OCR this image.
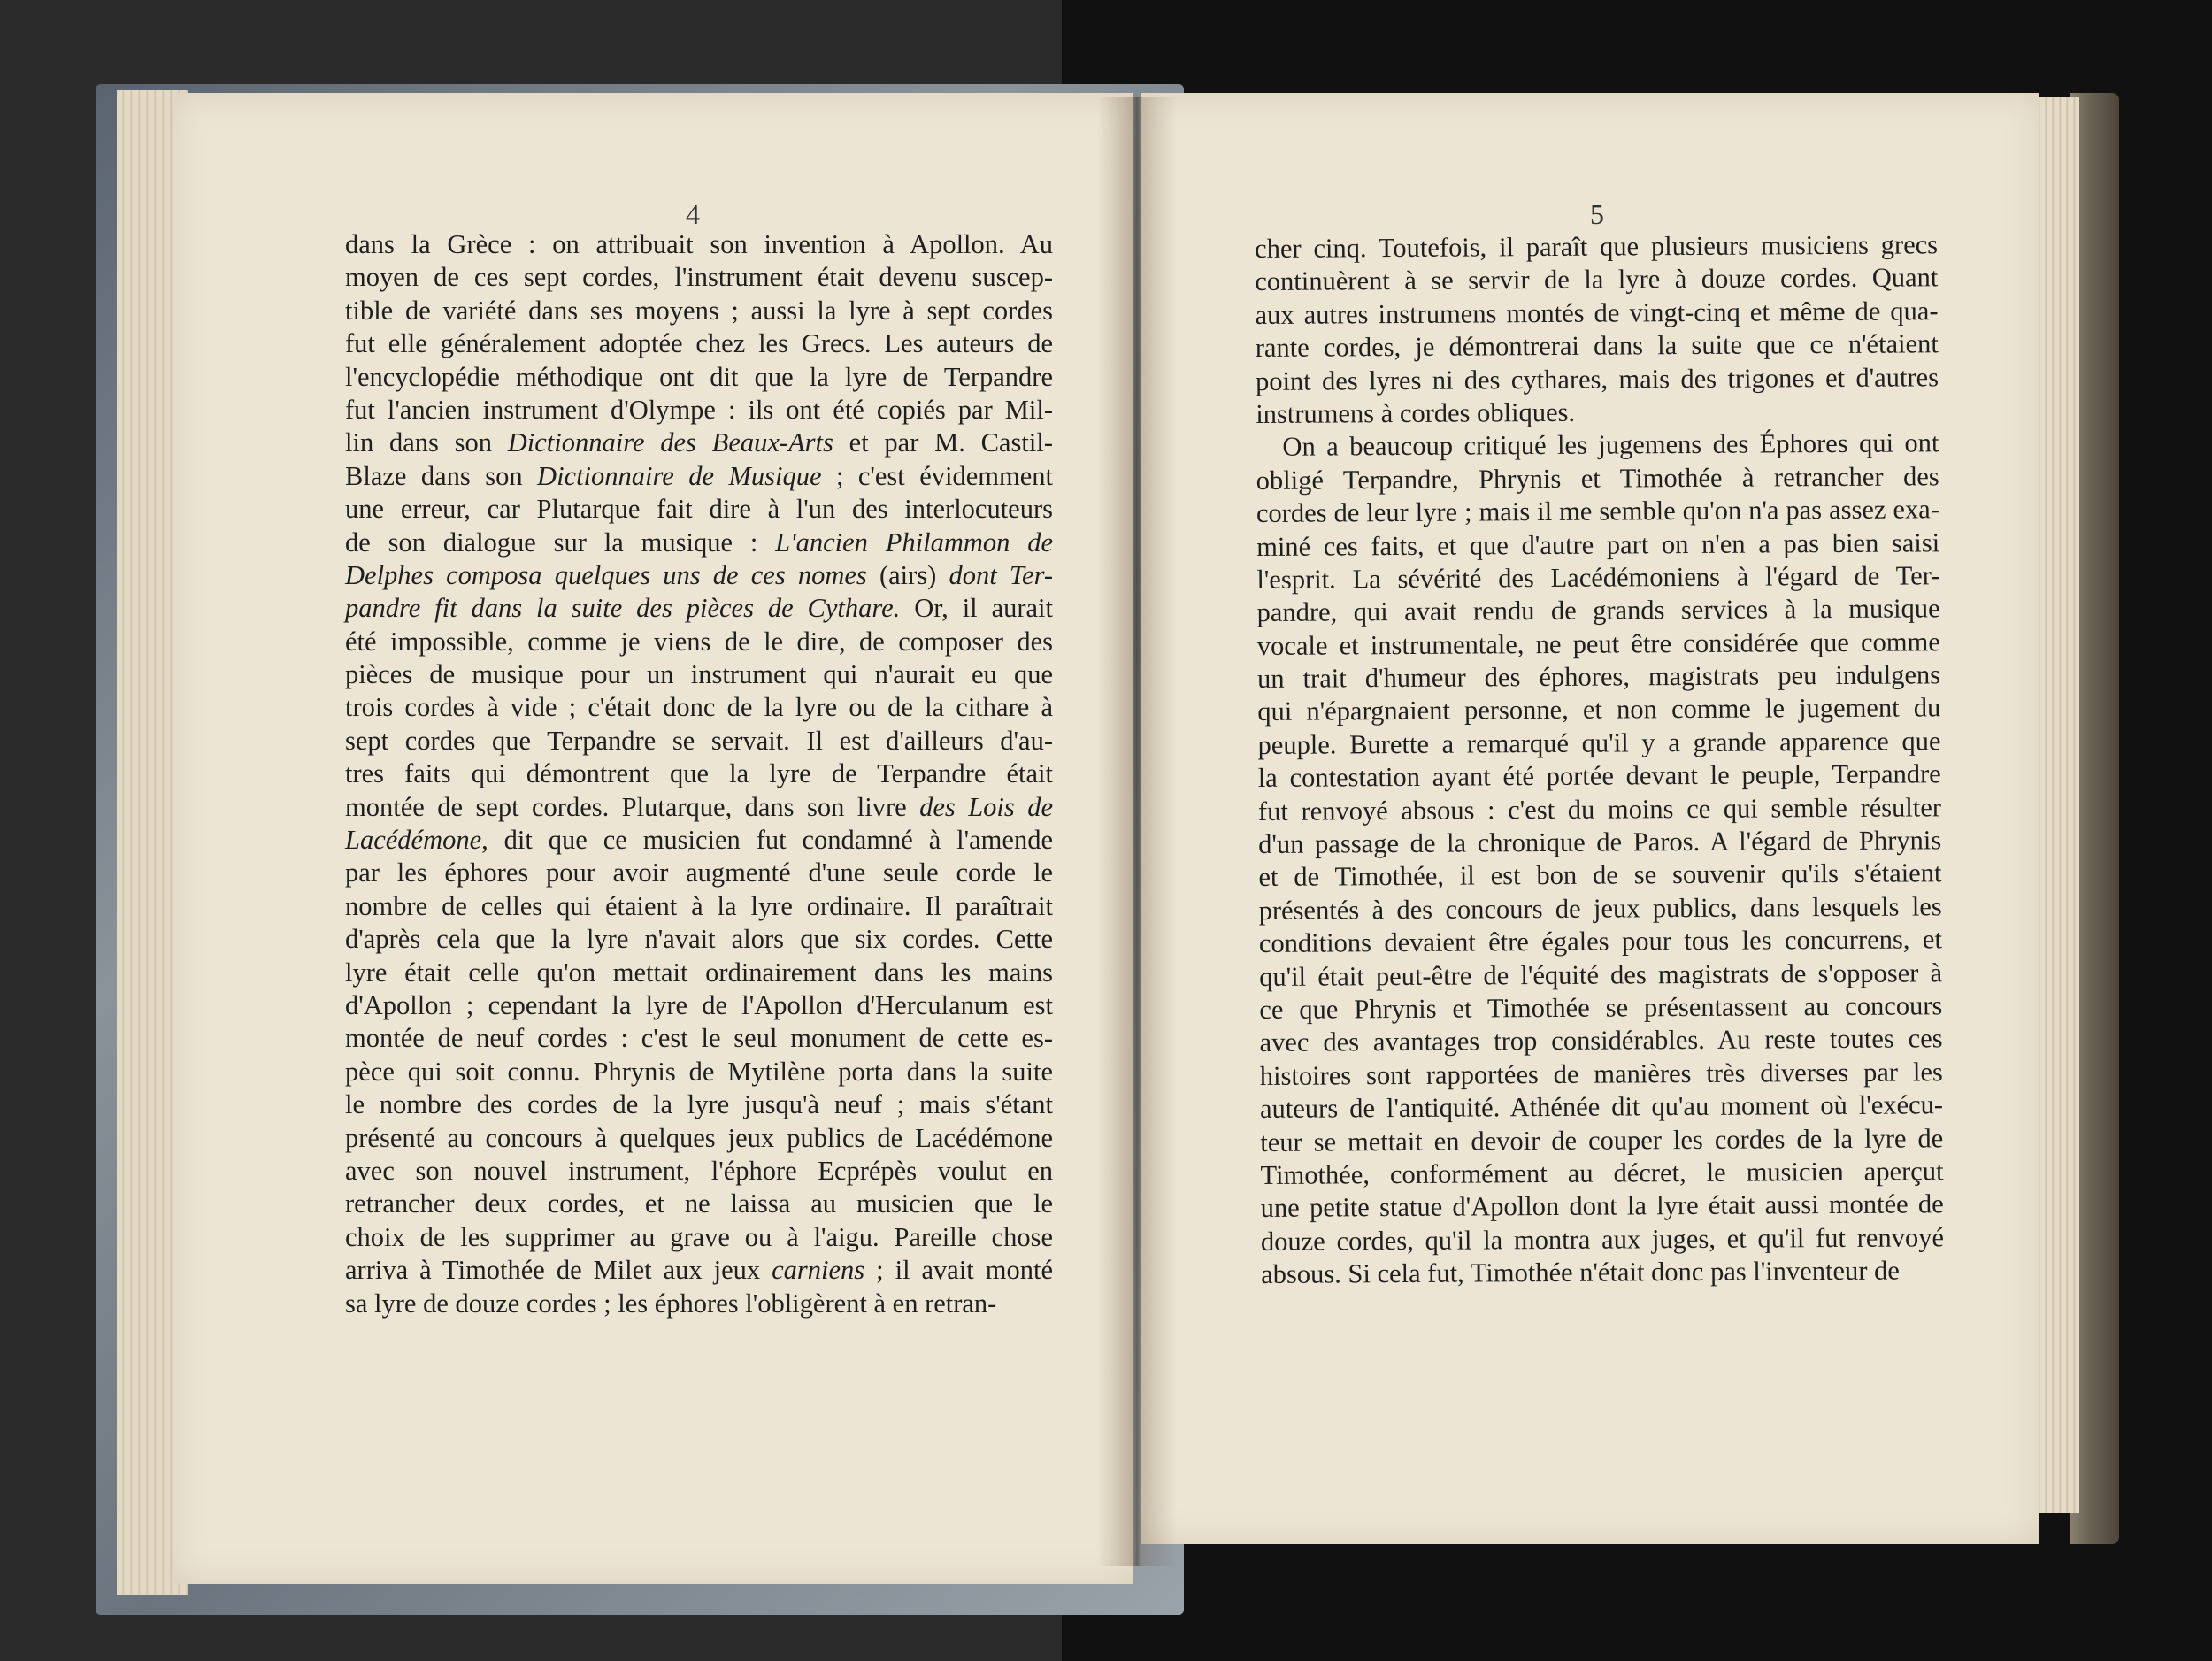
4	5
dans la Grèce : on attribuait son invention à Apollon. Au
moyen de ces sept cordes, l'instrument était devenu suscep-
tible de variété dans ses moyens ; aussi la lyre à sept cordes
fut elle généralement adoptée chez les Grecs. Les auteurs de
l'encyclopédie méthodique ont dit que la lyre de Terpandre
fut l'ancien instrument d'Olympe : ils ont été copiés par Mil-
lin dans son Dictionnaire des Beaux-Arts et par M. Castil-
Blaze dans son Dictionnaire de Musique ; c'est évidemment
une erreur, car Plutarque fait dire à l'un des interlocuteurs
de son dialogue sur la musique : L'ancien Philammon de
Delphes composa quelques uns de ces nomes (airs) dont Ter-
pandre fit dans la suite des pièces de Cythare. Or, il aurait
été impossible, comme je viens de le dire, de composer des
pièces de musique pour un instrument qui n'aurait eu que
trois cordes à vide ; c'était donc de la lyre ou de la cithare à
sept cordes que Terpandre se servait. Il est d'ailleurs d'au-
tres faits qui démontrent que la lyre de Terpandre était
montée de sept cordes. Plutarque, dans son livre des Lois de
Lacédémone, dit que ce musicien fut condamné à l'amende
par les éphores pour avoir augmenté d'une seule corde le
nombre de celles qui étaient à la lyre ordinaire. Il paraîtrait
d'après cela que la lyre n'avait alors que six cordes. Cette
lyre était celle qu'on mettait ordinairement dans les mains
d'Apollon ; cependant la lyre de l'Apollon d'Herculanum est
montée de neuf cordes : c'est le seul monument de cette es-
pèce qui soit connu. Phrynis de Mytilène porta dans la suite
le nombre des cordes de la lyre jusqu'à neuf ; mais s'étant
présenté au concours à quelques jeux publics de Lacédémone
avec son nouvel instrument, l'éphore Ecprépès voulut en
retrancher deux cordes, et ne laissa au musicien que le
choix de les supprimer au grave ou à l'aigu. Pareille chose
arriva à Timothée de Milet aux jeux carniens ; il avait monté
sa lyre de douze cordes ; les éphores l'obligèrent à en retran-
cher cinq. Toutefois, il paraît que plusieurs musiciens grecs
continuèrent à se servir de la lyre à douze cordes. Quant
aux autres instrumens montés de vingt-cinq et même de qua-
rante cordes, je démontrerai dans la suite que ce n'étaient
point des lyres ni des cythares, mais des trigones et d'autres
instrumens à cordes obliques.
On a beaucoup critiqué les jugemens des Éphores qui ont
obligé Terpandre, Phrynis et Timothée à retrancher des
cordes de leur lyre ; mais il me semble qu'on n'a pas assez exa-
miné ces faits, et que d'autre part on n'en a pas bien saisi
l'esprit. La sévérité des Lacédémoniens à l'égard de Ter-
pandre, qui avait rendu de grands services à la musique
vocale et instrumentale, ne peut être considérée que comme
un trait d'humeur des éphores, magistrats peu indulgens
qui n'épargnaient personne, et non comme le jugement du
peuple. Burette a remarqué qu'il y a grande apparence que
la contestation ayant été portée devant le peuple, Terpandre
fut renvoyé absous : c'est du moins ce qui semble résulter
d'un passage de la chronique de Paros. A l'égard de Phrynis
et de Timothée, il est bon de se souvenir qu'ils s'étaient
présentés à des concours de jeux publics, dans lesquels les
conditions devaient être égales pour tous les concurrens, et
qu'il était peut-être de l'équité des magistrats de s'opposer à
ce que Phrynis et Timothée se présentassent au concours
avec des avantages trop considérables. Au reste toutes ces
histoires sont rapportées de manières très diverses par les
auteurs de l'antiquité. Athénée dit qu'au moment où l'exécu-
teur se mettait en devoir de couper les cordes de la lyre de
Timothée, conformément au décret, le musicien aperçut
une petite statue d'Apollon dont la lyre était aussi montée de
douze cordes, qu'il la montra aux juges, et qu'il fut renvoyé
absous. Si cela fut, Timothée n'était donc pas l'inventeur de
